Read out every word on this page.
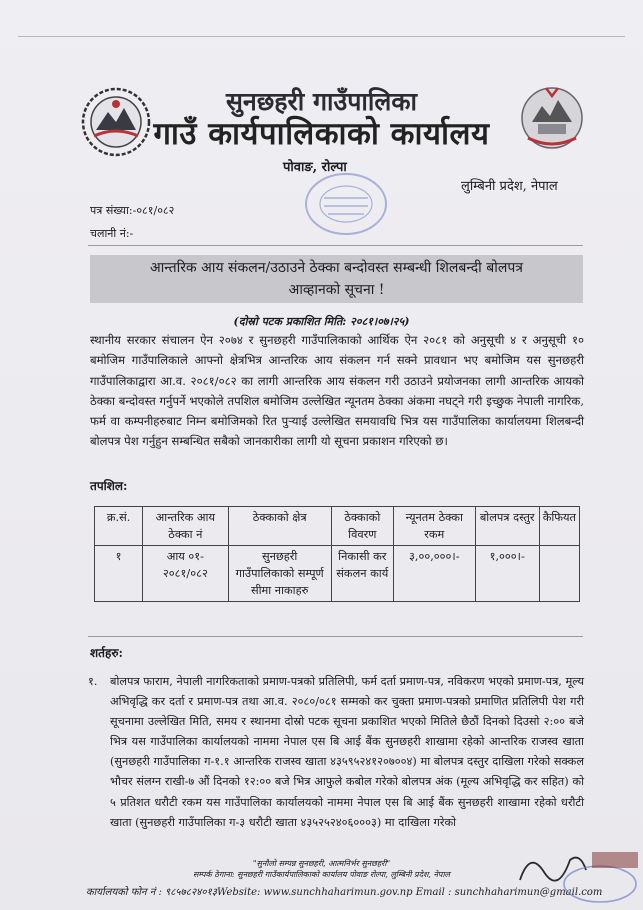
सुनछहरी गाउँपालिका
गाउँ कार्यपालिकाको कार्यालय
पोवाङ, रोल्पा
लुम्बिनी प्रदेश, नेपाल
पत्र संख्या:-०८१/०८२
चलानी नं:-
आन्तरिक आय संकलन/उठाउने ठेक्का बन्दोवस्त सम्बन्धी शिलबन्दी बोलपत्र
आव्हानको सूचना !
(दोस्रो पटक प्रकाशित मिति: २०८१।०७।२५)
स्थानीय सरकार संचालन ऐन २०७४ र सुनछहरी गाउँपालिकाको आर्थिक ऐन २०८१ को अनुसूची ४ र अनुसूची १० बमोजिम गाउँपालिकाले आफ्नो क्षेत्रभित्र आन्तरिक आय संकलन गर्न सक्ने प्रावधान भए बमोजिम यस सुनछहरी गाउँपालिकाद्वारा आ.व. २०८१/०८२ का लागी आन्तरिक आय संकलन गरी उठाउने प्रयोजनका लागी आन्तरिक आयको ठेक्का बन्दोवस्त गर्नुपर्ने भएकोले तपशिल बमोजिम उल्लेखित न्यूनतम ठेक्का अंकमा नघट्ने गरी इच्छुक नेपाली नागरिक, फर्म वा कम्पनीहरुबाट निम्न बमोजिमको रित पुऱ्याई उल्लेखित समयावधि भित्र यस गाउँपालिका कार्यालयमा शिलबन्दी बोलपत्र पेश गर्नुहुन सम्बन्धित सबैको जानकारीका लागी यो सूचना प्रकाशन गरिएको छ।
तपशिल:
क्र.सं.	आन्तरिक आय ठेक्का नं	ठेक्काको क्षेत्र	ठेक्काको विवरण	न्यूनतम ठेक्का रकम	बोलपत्र दस्तुर	कैफियत
१	आय ०१- २०८१/०८२	सुनछहरी गाउँपालिकाको सम्पूर्ण सीमा नाकाहरु	निकासी कर संकलन कार्य	३,००,०००।-	१,०००।-	
शर्तहरु:
१. बोलपत्र फाराम, नेपाली नागरिकताको प्रमाण-पत्रको प्रतिलिपी, फर्म दर्ता प्रमाण-पत्र, नविकरण भएको प्रमाण-पत्र, मूल्य अभिवृद्धि कर दर्ता र प्रमाण-पत्र तथा आ.व. २०८०/०८१ सम्मको कर चुक्ता प्रमाण-पत्रको प्रमाणित प्रतिलिपी पेश गरी सूचनामा उल्लेखित मिति, समय र स्थानमा दोस्रो पटक सूचना प्रकाशित भएको मितिले छैठौं दिनको दिउसो २:०० बजे भित्र यस गाउँपालिका कार्यालयको नाममा नेपाल एस बि आई बैंक सुनछहरी शाखामा रहेको आन्तरिक राजस्व खाता (सुनछहरी गाउँपालिका ग-१.१ आन्तरिक राजस्व खाता ४३५९५२४१२०७००४) मा बोलपत्र दस्तुर दाखिला गरेको सक्कल भौचर संलग्न राखी-७ औं दिनको १२:०० बजे भित्र आफुले कबोल गरेको बोलपत्र अंक (मूल्य अभिवृद्धि कर सहित) को ५ प्रतिशत धरौटी रकम यस गाउँपालिका कार्यालयको नाममा नेपाल एस बि आई बैंक सुनछहरी शाखामा रहेको धरौटी खाता (सुनछहरी गाउँपालिका ग-३ धरौटी खाता ४३५२५२४०६०००३) मा दाखिला गरेको
"सुनौलो सम्पन्न सुनछहरी, आत्मनिर्भर सुनछहरी"
सम्पर्क ठेगाना: सुनछहरी गाउँकार्यपालिकाको कार्यालय पोवाङ रोल्पा, लुम्बिनी प्रदेश, नेपाल
कार्यालयको फोन नं : ९८५७८२४०१३Website: www.sunchhaharimun.gov.np Email : sunchhaharimun@gmail.com
